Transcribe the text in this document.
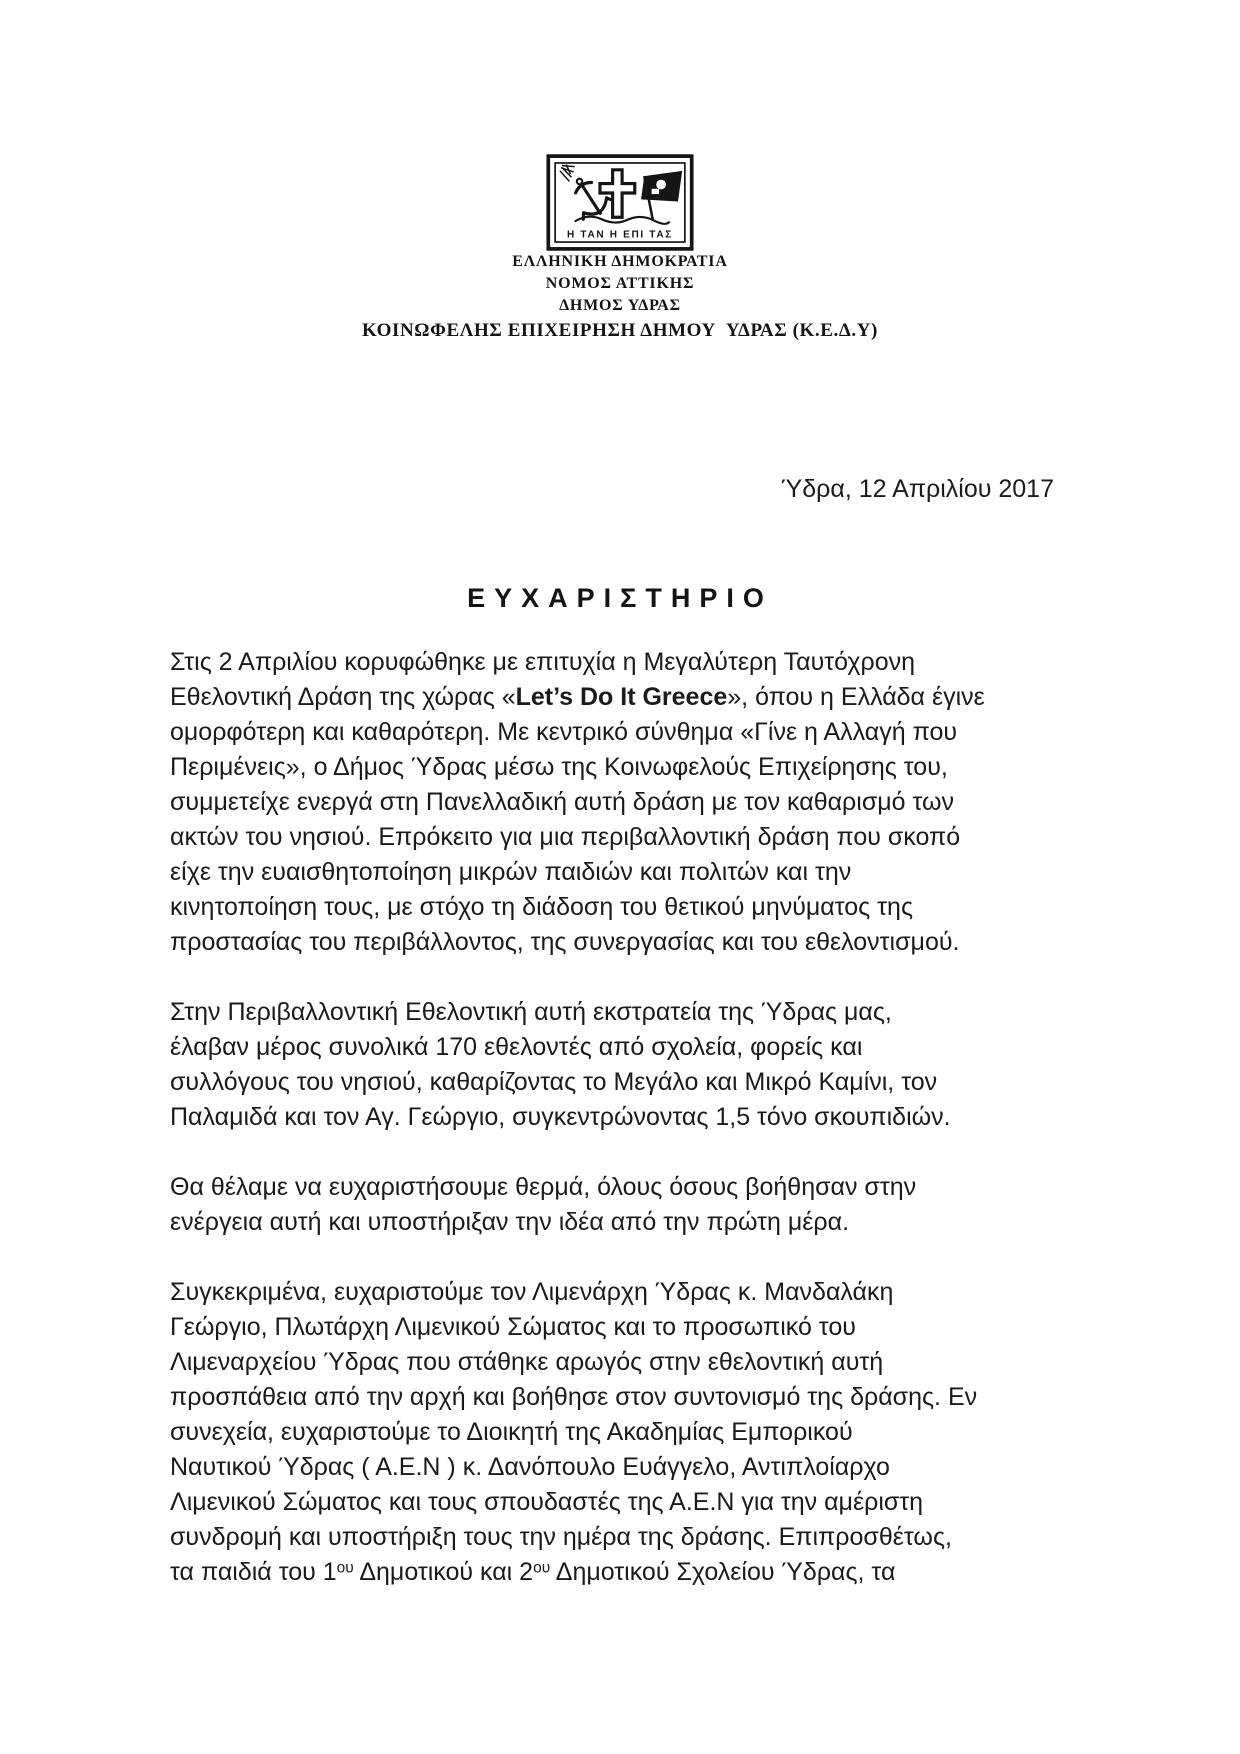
Η ΤΑΝ Η ΕΠΙ ΤΑΣ
ΕΛΛΗΝΙΚΗ ΔΗΜΟΚΡΑΤΙΑ
ΝΟΜΟΣ ΑΤΤΙΚΗΣ
ΔΗΜΟΣ ΥΔΡΑΣ
ΚΟΙΝΩΦΕΛΗΣ ΕΠΙΧΕΙΡΗΣΗ ΔΗΜΟΥ  ΥΔΡΑΣ (Κ.Ε.Δ.Υ)
Ύδρα, 12 Απριλίου 2017
ΕΥΧΑΡΙΣΤΗΡΙΟ
Στις 2 Απριλίου κορυφώθηκε με επιτυχία η Μεγαλύτερη Ταυτόχρονη
Εθελοντική Δράση της χώρας «Let’s Do It Greece», όπου η Ελλάδα έγινε
ομορφότερη και καθαρότερη. Με κεντρικό σύνθημα «Γίνε η Αλλαγή που
Περιμένεις», ο Δήμος Ύδρας μέσω της Κοινωφελούς Επιχείρησης του,
συμμετείχε ενεργά στη Πανελλαδική αυτή δράση με τον καθαρισμό των
ακτών του νησιού. Επρόκειτο για μια περιβαλλοντική δράση που σκοπό
είχε την ευαισθητοποίηση μικρών παιδιών και πολιτών και την
κινητοποίηση τους, με στόχο τη διάδοση του θετικού μηνύματος της
προστασίας του περιβάλλοντος, της συνεργασίας και του εθελοντισμού.
Στην Περιβαλλοντική Εθελοντική αυτή εκστρατεία της Ύδρας μας,
έλαβαν μέρος συνολικά 170 εθελοντές από σχολεία, φορείς και
συλλόγους του νησιού, καθαρίζοντας το Μεγάλο και Μικρό Καμίνι, τον
Παλαμιδά και τον Αγ. Γεώργιο, συγκεντρώνοντας 1,5 τόνο σκουπιδιών.
Θα θέλαμε να ευχαριστήσουμε θερμά, όλους όσους βοήθησαν στην
ενέργεια αυτή και υποστήριξαν την ιδέα από την πρώτη μέρα.
Συγκεκριμένα, ευχαριστούμε τον Λιμενάρχη Ύδρας κ. Μανδαλάκη
Γεώργιο, Πλωτάρχη Λιμενικού Σώματος και το προσωπικό του
Λιμεναρχείου Ύδρας που στάθηκε αρωγός στην εθελοντική αυτή
προσπάθεια από την αρχή και βοήθησε στον συντονισμό της δράσης. Εν
συνεχεία, ευχαριστούμε το Διοικητή της Ακαδημίας Εμπορικού
Ναυτικού Ύδρας ( Α.Ε.Ν ) κ. Δανόπουλο Ευάγγελο, Αντιπλοίαρχο
Λιμενικού Σώματος και τους σπουδαστές της Α.Ε.Ν για την αμέριστη
συνδρομή και υποστήριξη τους την ημέρα της δράσης. Επιπροσθέτως,
τα παιδιά του $1^{o\upsilon}$ Δημοτικού και $2^{o\upsilon}$ Δημοτικού Σχολείου Ύδρας, τα
